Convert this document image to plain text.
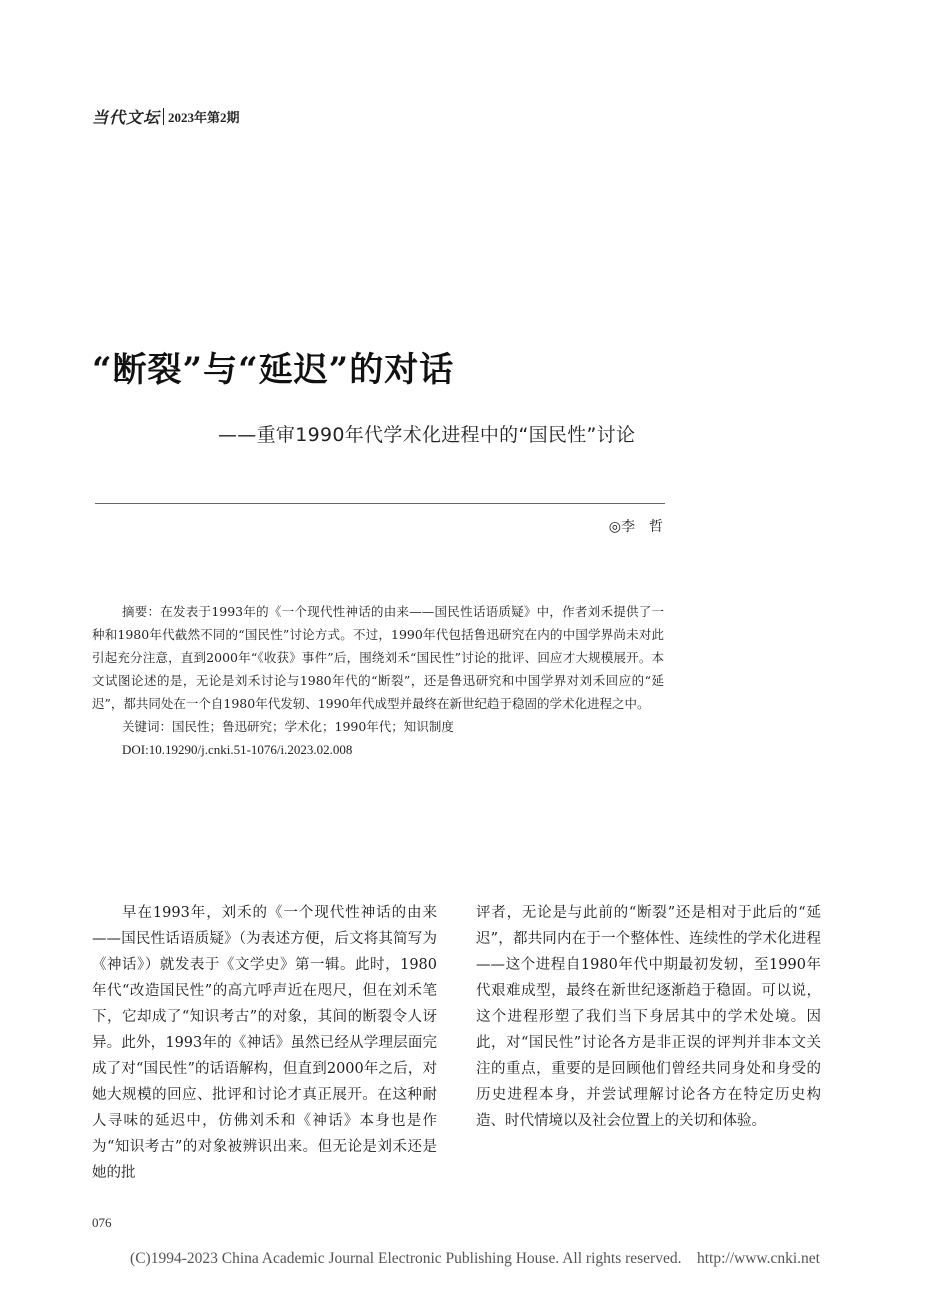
当代文坛 2023年第2期
“断裂”与“延迟”的对话
——重审1990年代学术化进程中的“国民性”讨论
◎李　哲

摘要：在发表于1993年的《一个现代性神话的由来——国民性话语质疑》中，作者刘禾提供了一种和1980年代截然不同的“国民性”讨论方式。不过，1990年代包括鲁迅研究在内的中国学界尚未对此引起充分注意，直到2000年“《收获》事件”后，围绕刘禾“国民性”讨论的批评、回应才大规模展开。本文试图论述的是，无论是刘禾讨论与1980年代的“断裂”，还是鲁迅研究和中国学界对刘禾回应的“延迟”，都共同处在一个自1980年代发轫、1990年代成型并最终在新世纪趋于稳固的学术化进程之中。

关键词：国民性；鲁迅研究；学术化；1990年代；知识制度

DOI:10.19290/j.cnki.51-1076/i.2023.02.008

早在1993年，刘禾的《一个现代性神话的由来——国民性话语质疑》（为表述方便，后文将其简写为《神话》）就发表于《文学史》第一辑。此时，1980年代“改造国民性”的高亢呼声近在咫尺，但在刘禾笔下，它却成了“知识考古”的对象，其间的断裂令人讶异。此外，1993年的《神话》虽然已经从学理层面完成了对“国民性”的话语解构，但直到2000年之后，对她大规模的回应、批评和讨论才真正展开。在这种耐人寻味的延迟中，仿佛刘禾和《神话》本身也是作为“知识考古”的对象被辨识出来。但无论是刘禾还是她的批

评者，无论是与此前的“断裂”还是相对于此后的“延迟”，都共同内在于一个整体性、连续性的学术化进程——这个进程自1980年代中期最初发轫，至1990年代艰难成型，最终在新世纪逐渐趋于稳固。可以说，这个进程形塑了我们当下身居其中的学术处境。因此，对“国民性”讨论各方是非正误的评判并非本文关注的重点，重要的是回顾他们曾经共同身处和身受的历史进程本身，并尝试理解讨论各方在特定历史构造、时代情境以及社会位置上的关切和体验。

076
(C)1994-2023 China Academic Journal Electronic Publishing House. All rights reserved.    http://www.cnki.net
